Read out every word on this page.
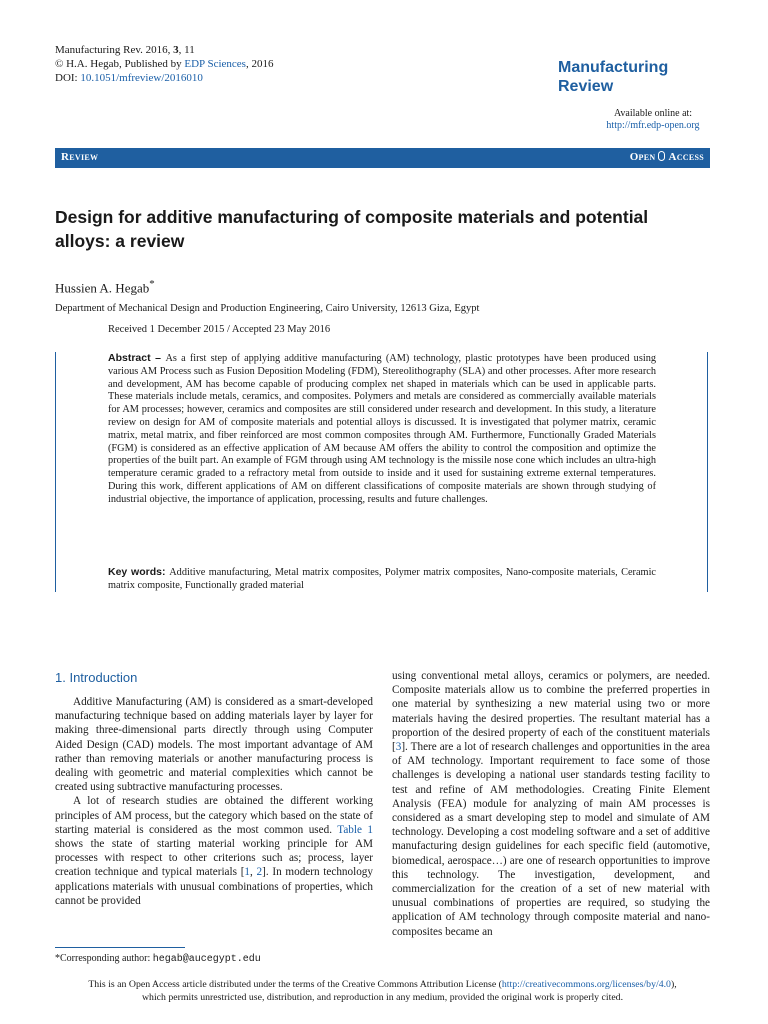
Manufacturing Rev. 2016, 3, 11
© H.A. Hegab, Published by EDP Sciences, 2016
DOI: 10.1051/mfreview/2016010
Manufacturing
Review
Available online at:
http://mfr.edp-open.org
Review	Open Access
Design for additive manufacturing of composite materials and potential alloys: a review
Hussien A. Hegab*
Department of Mechanical Design and Production Engineering, Cairo University, 12613 Giza, Egypt
Received 1 December 2015 / Accepted 23 May 2016
Abstract – As a first step of applying additive manufacturing (AM) technology, plastic prototypes have been produced using various AM Process such as Fusion Deposition Modeling (FDM), Stereolithography (SLA) and other processes. After more research and development, AM has become capable of producing complex net shaped in materials which can be used in applicable parts. These materials include metals, ceramics, and composites. Polymers and metals are considered as commercially available materials for AM processes; however, ceramics and composites are still considered under research and development. In this study, a literature review on design for AM of composite materials and potential alloys is discussed. It is investigated that polymer matrix, ceramic matrix, metal matrix, and fiber reinforced are most common composites through AM. Furthermore, Functionally Graded Materials (FGM) is considered as an effective application of AM because AM offers the ability to control the composition and optimize the properties of the built part. An example of FGM through using AM technology is the missile nose cone which includes an ultra-high temperature ceramic graded to a refractory metal from outside to inside and it used for sustaining extreme external temperatures. During this work, different applications of AM on different classifications of composite materials are shown through studying of industrial objective, the importance of application, processing, results and future challenges.
Key words: Additive manufacturing, Metal matrix composites, Polymer matrix composites, Nano-composite materials, Ceramic matrix composite, Functionally graded material
1. Introduction

Additive Manufacturing (AM) is considered as a smart-developed manufacturing technique based on adding materials layer by layer for making three-dimensional parts directly through using Computer Aided Design (CAD) models. The most important advantage of AM rather than removing materials or another manufacturing process is dealing with geometric and material complexities which cannot be created using subtractive manufacturing processes.

A lot of research studies are obtained the different working principles of AM process, but the category which based on the state of starting material is considered as the most common used. Table 1 shows the state of starting material working principle for AM processes with respect to other criterions such as; process, layer creation technique and typical materials [1, 2]. In modern technology applications materials with unusual combinations of properties, which cannot be provided

using conventional metal alloys, ceramics or polymers, are needed. Composite materials allow us to combine the preferred properties in one material by synthesizing a new material using two or more materials having the desired properties. The resultant material has a proportion of the desired property of each of the constituent materials [3]. There are a lot of research challenges and opportunities in the area of AM technology. Important requirement to face some of those challenges is developing a national user standards testing facility to test and refine of AM methodologies. Creating Finite Element Analysis (FEA) module for analyzing of main AM processes is considered as a smart developing step to model and simulate of AM technology. Developing a cost modeling software and a set of additive manufacturing design guidelines for each specific field (automotive, biomedical, aerospace…) are one of research opportunities to improve this technology. The investigation, development, and commercialization for the creation of a set of new material with unusual combinations of properties are required, so studying the application of AM technology through composite material and nano-composites became an

*Corresponding author: hegab@aucegypt.edu
This is an Open Access article distributed under the terms of the Creative Commons Attribution License (http://creativecommons.org/licenses/by/4.0),
which permits unrestricted use, distribution, and reproduction in any medium, provided the original work is properly cited.
